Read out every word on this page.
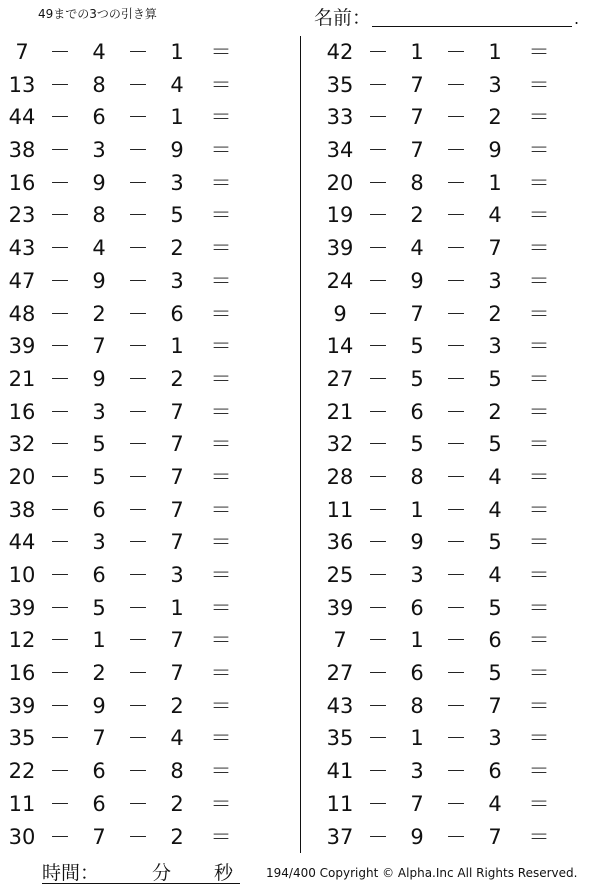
49までの3つの引き算	名前：	.
7 －	4	－	1	＝
13 －	8	－	4	＝
44 －	6	－	1	＝
38 －	3	－	9	＝
16 －	9	－	3	＝
23 －	8	－	5	＝
43 －	4	－	2	＝
47 －	9	－	3	＝
48 －	2	－	6	＝
39 －	7	－	1	＝
21 －	9	－	2	＝
16 －	3	－	7	＝
32 －	5	－	7	＝
20 －	5	－	7	＝
38 －	6	－	7	＝
44 －	3	－	7	＝
10 －	6	－	3	＝
39 －	5	－	1	＝
12 －	1	－	7	＝
16 －	2	－	7	＝
39 －	9	－	2	＝
35 －	7	－	4	＝
22 －	6	－	8	＝
11 －	6	－	2	＝
30 －	7	－	2	＝
42 －	1	－	1	＝
35 －	7	－	3	＝
33 －	7	－	2	＝
34 －	7	－	9	＝
20 －	8	－	1	＝
19 －	2	－	4	＝
39 －	4	－	7	＝
24 －	9	－	3	＝
9 －	7	－	2	＝
14 －	5	－	3	＝
27 －	5	－	5	＝
21 －	6	－	2	＝
32 －	5	－	5	＝
28 －	8	－	4	＝
11 －	1	－	4	＝
36 －	9	－	5	＝
25 －	3	－	4	＝
39 －	6	－	5	＝
7 －	1	－	6	＝
27 －	6	－	5	＝
43 －	8	－	7	＝
35 －	1	－	3	＝
41 －	3	－	6	＝
11 －	7	－	4	＝
37 －	9	－	7	＝
時間：	分 秒	194/400 Copyright © Alpha.Inc All Rights Reserved.
